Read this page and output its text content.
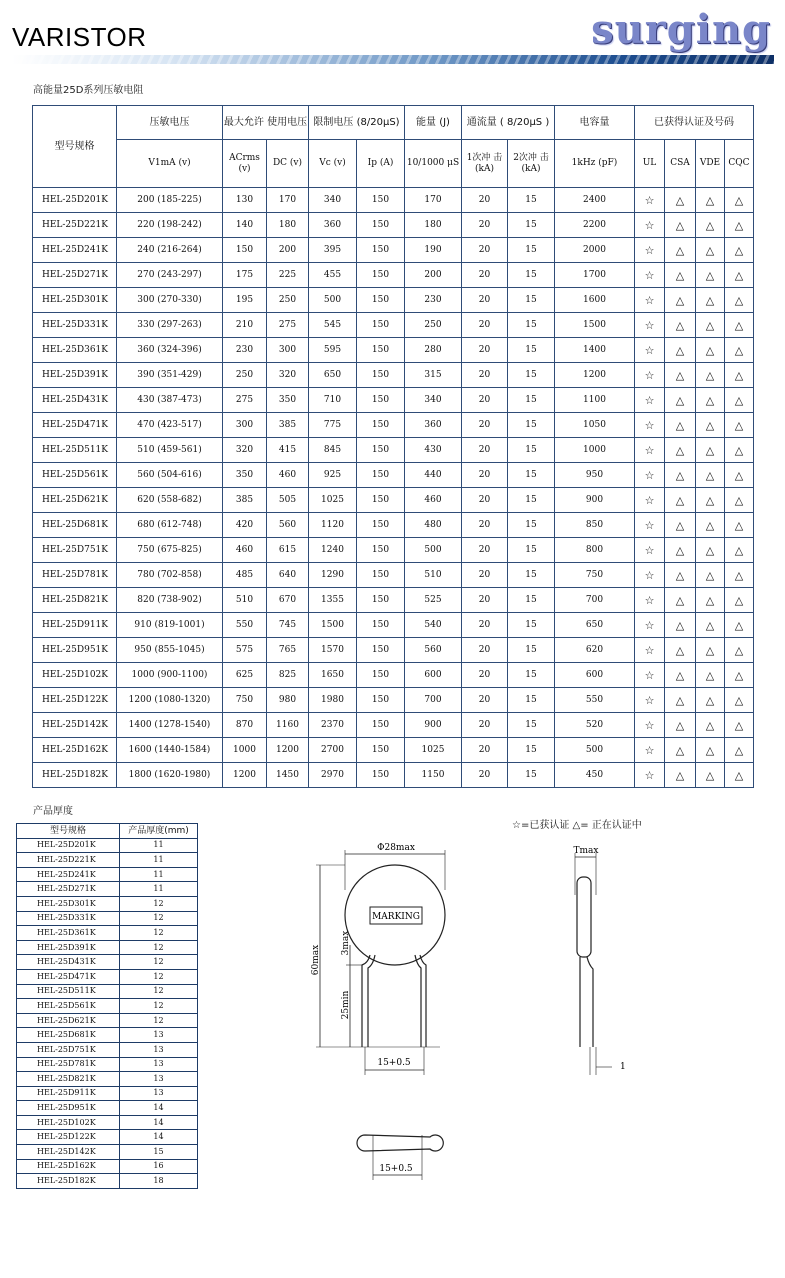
VARISTOR	surging
高能量25D系列压敏电阻
型号规格	压敏电压	最大允许 使用电压		限制电压 (8/20μS)		能量 (J)	通流量 ( 8/20μS )		电容量	已获得认证及号码			
	V1mA (v)	ACrms (v)	DC (v)	Vc (v)	Ip (A)	10/1000 μS	1次冲 击 (kA)	2次冲 击 (kA)	1kHz (pF)	UL	CSA	VDE	CQC
HEL-25D201K	200 (185-225)	130	170	340	150	170	20	15	2400	☆	△	△	△
HEL-25D221K	220 (198-242)	140	180	360	150	180	20	15	2200	☆	△	△	△
HEL-25D241K	240 (216-264)	150	200	395	150	190	20	15	2000	☆	△	△	△
HEL-25D271K	270 (243-297)	175	225	455	150	200	20	15	1700	☆	△	△	△
HEL-25D301K	300 (270-330)	195	250	500	150	230	20	15	1600	☆	△	△	△
HEL-25D331K	330 (297-263)	210	275	545	150	250	20	15	1500	☆	△	△	△
HEL-25D361K	360 (324-396)	230	300	595	150	280	20	15	1400	☆	△	△	△
HEL-25D391K	390 (351-429)	250	320	650	150	315	20	15	1200	☆	△	△	△
HEL-25D431K	430 (387-473)	275	350	710	150	340	20	15	1100	☆	△	△	△
HEL-25D471K	470 (423-517)	300	385	775	150	360	20	15	1050	☆	△	△	△
HEL-25D511K	510 (459-561)	320	415	845	150	430	20	15	1000	☆	△	△	△
HEL-25D561K	560 (504-616)	350	460	925	150	440	20	15	950	☆	△	△	△
HEL-25D621K	620 (558-682)	385	505	1025	150	460	20	15	900	☆	△	△	△
HEL-25D681K	680 (612-748)	420	560	1120	150	480	20	15	850	☆	△	△	△
HEL-25D751K	750 (675-825)	460	615	1240	150	500	20	15	800	☆	△	△	△
HEL-25D781K	780 (702-858)	485	640	1290	150	510	20	15	750	☆	△	△	△
HEL-25D821K	820 (738-902)	510	670	1355	150	525	20	15	700	☆	△	△	△
HEL-25D911K	910 (819-1001)	550	745	1500	150	540	20	15	650	☆	△	△	△
HEL-25D951K	950 (855-1045)	575	765	1570	150	560	20	15	620	☆	△	△	△
HEL-25D102K	1000 (900-1100)	625	825	1650	150	600	20	15	600	☆	△	△	△
HEL-25D122K	1200 (1080-1320)	750	980	1980	150	700	20	15	550	☆	△	△	△
HEL-25D142K	1400 (1278-1540)	870	1160	2370	150	900	20	15	520	☆	△	△	△
HEL-25D162K	1600 (1440-1584)	1000	1200	2700	150	1025	20	15	500	☆	△	△	△
HEL-25D182K	1800 (1620-1980)	1200	1450	2970	150	1150	20	15	450	☆	△	△	△
产品厚度
型号规格	产品厚度(mm)
HEL-25D201K	11
HEL-25D221K	11
HEL-25D241K	11
HEL-25D271K	11
HEL-25D301K	12
HEL-25D331K	12
HEL-25D361K	12
HEL-25D391K	12
HEL-25D431K	12
HEL-25D471K	12
HEL-25D511K	12
HEL-25D561K	12
HEL-25D621K	12
HEL-25D681K	13
HEL-25D751K	13
HEL-25D781K	13
HEL-25D821K	13
HEL-25D911K	13
HEL-25D951K	14
HEL-25D102K	14
HEL-25D122K	14
HEL-25D142K	15
HEL-25D162K	16
HEL-25D182K	18
☆=已获认证 △= 正在认证中
MARKING
Φ28max
60max
3max
25min
15+0.5
Tmax
1
15+0.5
